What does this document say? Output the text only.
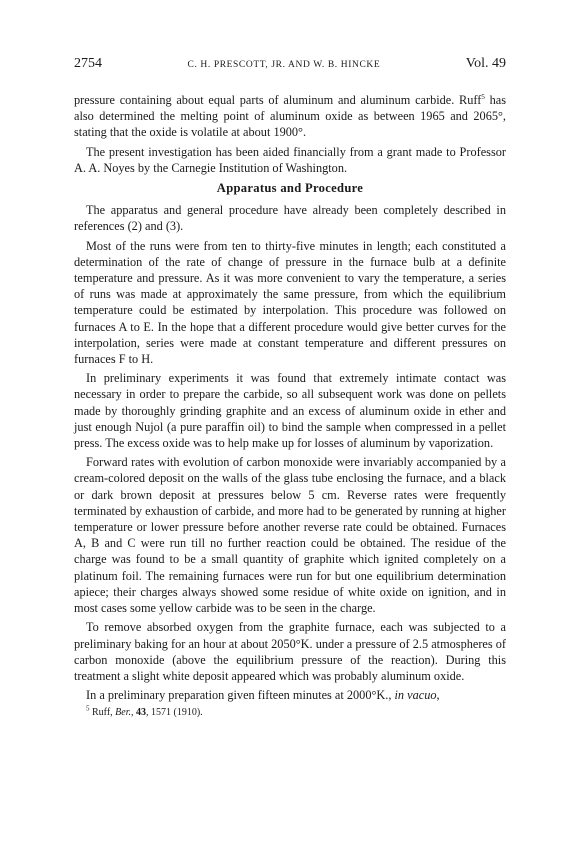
2754	C. H. PRESCOTT, JR. AND W. B. HINCKE	Vol. 49

pressure containing about equal parts of aluminum and aluminum carbide. Ruff$^5$ has also determined the melting point of aluminum oxide as between 1965 and 2065°, stating that the oxide is volatile at about 1900°.

The present investigation has been aided financially from a grant made to Professor A. A. Noyes by the Carnegie Institution of Washington.

Apparatus and Procedure

The apparatus and general procedure have already been completely described in references (2) and (3).

Most of the runs were from ten to thirty-five minutes in length; each constituted a determination of the rate of change of pressure in the furnace bulb at a definite temperature and pressure. As it was more convenient to vary the temperature, a series of runs was made at approximately the same pressure, from which the equilibrium temperature could be estimated by interpolation. This procedure was followed on furnaces A to E. In the hope that a different procedure would give better curves for the interpolation, series were made at constant temperature and different pressures on furnaces F to H.

In preliminary experiments it was found that extremely intimate contact was necessary in order to prepare the carbide, so all subsequent work was done on pellets made by thoroughly grinding graphite and an excess of aluminum oxide in ether and just enough Nujol (a pure paraffin oil) to bind the sample when compressed in a pellet press. The excess oxide was to help make up for losses of aluminum by vaporization.

Forward rates with evolution of carbon monoxide were invariably accompanied by a cream-colored deposit on the walls of the glass tube enclosing the furnace, and a black or dark brown deposit at pressures below 5 cm. Reverse rates were frequently terminated by exhaustion of carbide, and more had to be generated by running at higher temperature or lower pressure before another reverse rate could be obtained. Furnaces A, B and C were run till no further reaction could be obtained. The residue of the charge was found to be a small quantity of graphite which ignited completely on a platinum foil. The remaining furnaces were run for but one equilibrium determination apiece; their charges always showed some residue of white oxide on ignition, and in most cases some yellow carbide was to be seen in the charge.

To remove absorbed oxygen from the graphite furnace, each was subjected to a preliminary baking for an hour at about 2050°K. under a pressure of 2.5 atmospheres of carbon monoxide (above the equilibrium pressure of the reaction). During this treatment a slight white deposit appeared which was probably aluminum oxide.

In a preliminary preparation given fifteen minutes at 2000°K., in vacuo,

$^5$ Ruff, Ber., 43, 1571 (1910).
